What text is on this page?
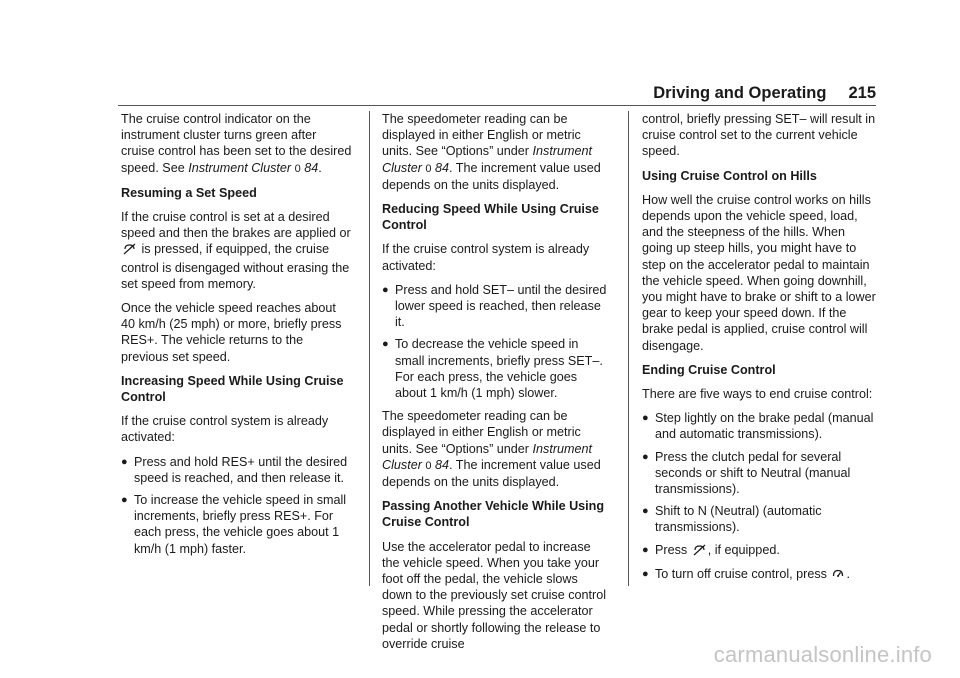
Driving and Operating 215

The cruise control indicator on the instrument cluster turns green after cruise control has been set to the desired speed. See Instrument Cluster 0 84.

Resuming a Set Speed

If the cruise control is set at a desired speed and then the brakes are applied or  is pressed, if equipped, the cruise control is disengaged without erasing the set speed from memory.

Once the vehicle speed reaches about 40 km/h (25 mph) or more, briefly press RES+. The vehicle returns to the previous set speed.

Increasing Speed While Using Cruise Control

If the cruise control system is already activated:

● Press and hold RES+ until the desired speed is reached, and then release it.
● To increase the vehicle speed in small increments, briefly press RES+. For each press, the vehicle goes about 1 km/h (1 mph) faster.

The speedometer reading can be displayed in either English or metric units. See “Options” under Instrument Cluster 0 84. The increment value used depends on the units displayed.

Reducing Speed While Using Cruise Control

If the cruise control system is already activated:

● Press and hold SET– until the desired lower speed is reached, then release it.
● To decrease the vehicle speed in small increments, briefly press SET–. For each press, the vehicle goes about 1 km/h (1 mph) slower.

The speedometer reading can be displayed in either English or metric units. See “Options” under Instrument Cluster 0 84. The increment value used depends on the units displayed.

Passing Another Vehicle While Using Cruise Control

Use the accelerator pedal to increase the vehicle speed. When you take your foot off the pedal, the vehicle slows down to the previously set cruise control speed. While pressing the accelerator pedal or shortly following the release to override cruise

control, briefly pressing SET– will result in cruise control set to the current vehicle speed.

Using Cruise Control on Hills

How well the cruise control works on hills depends upon the vehicle speed, load, and the steepness of the hills. When going up steep hills, you might have to step on the accelerator pedal to maintain the vehicle speed. When going downhill, you might have to brake or shift to a lower gear to keep your speed down. If the brake pedal is applied, cruise control will disengage.

Ending Cruise Control

There are five ways to end cruise control:

● Step lightly on the brake pedal (manual and automatic transmissions).
● Press the clutch pedal for several seconds or shift to Neutral (manual transmissions).
● Shift to N (Neutral) (automatic transmissions).
● Press , if equipped.
● To turn off cruise control, press .
carmanualsonline.info
